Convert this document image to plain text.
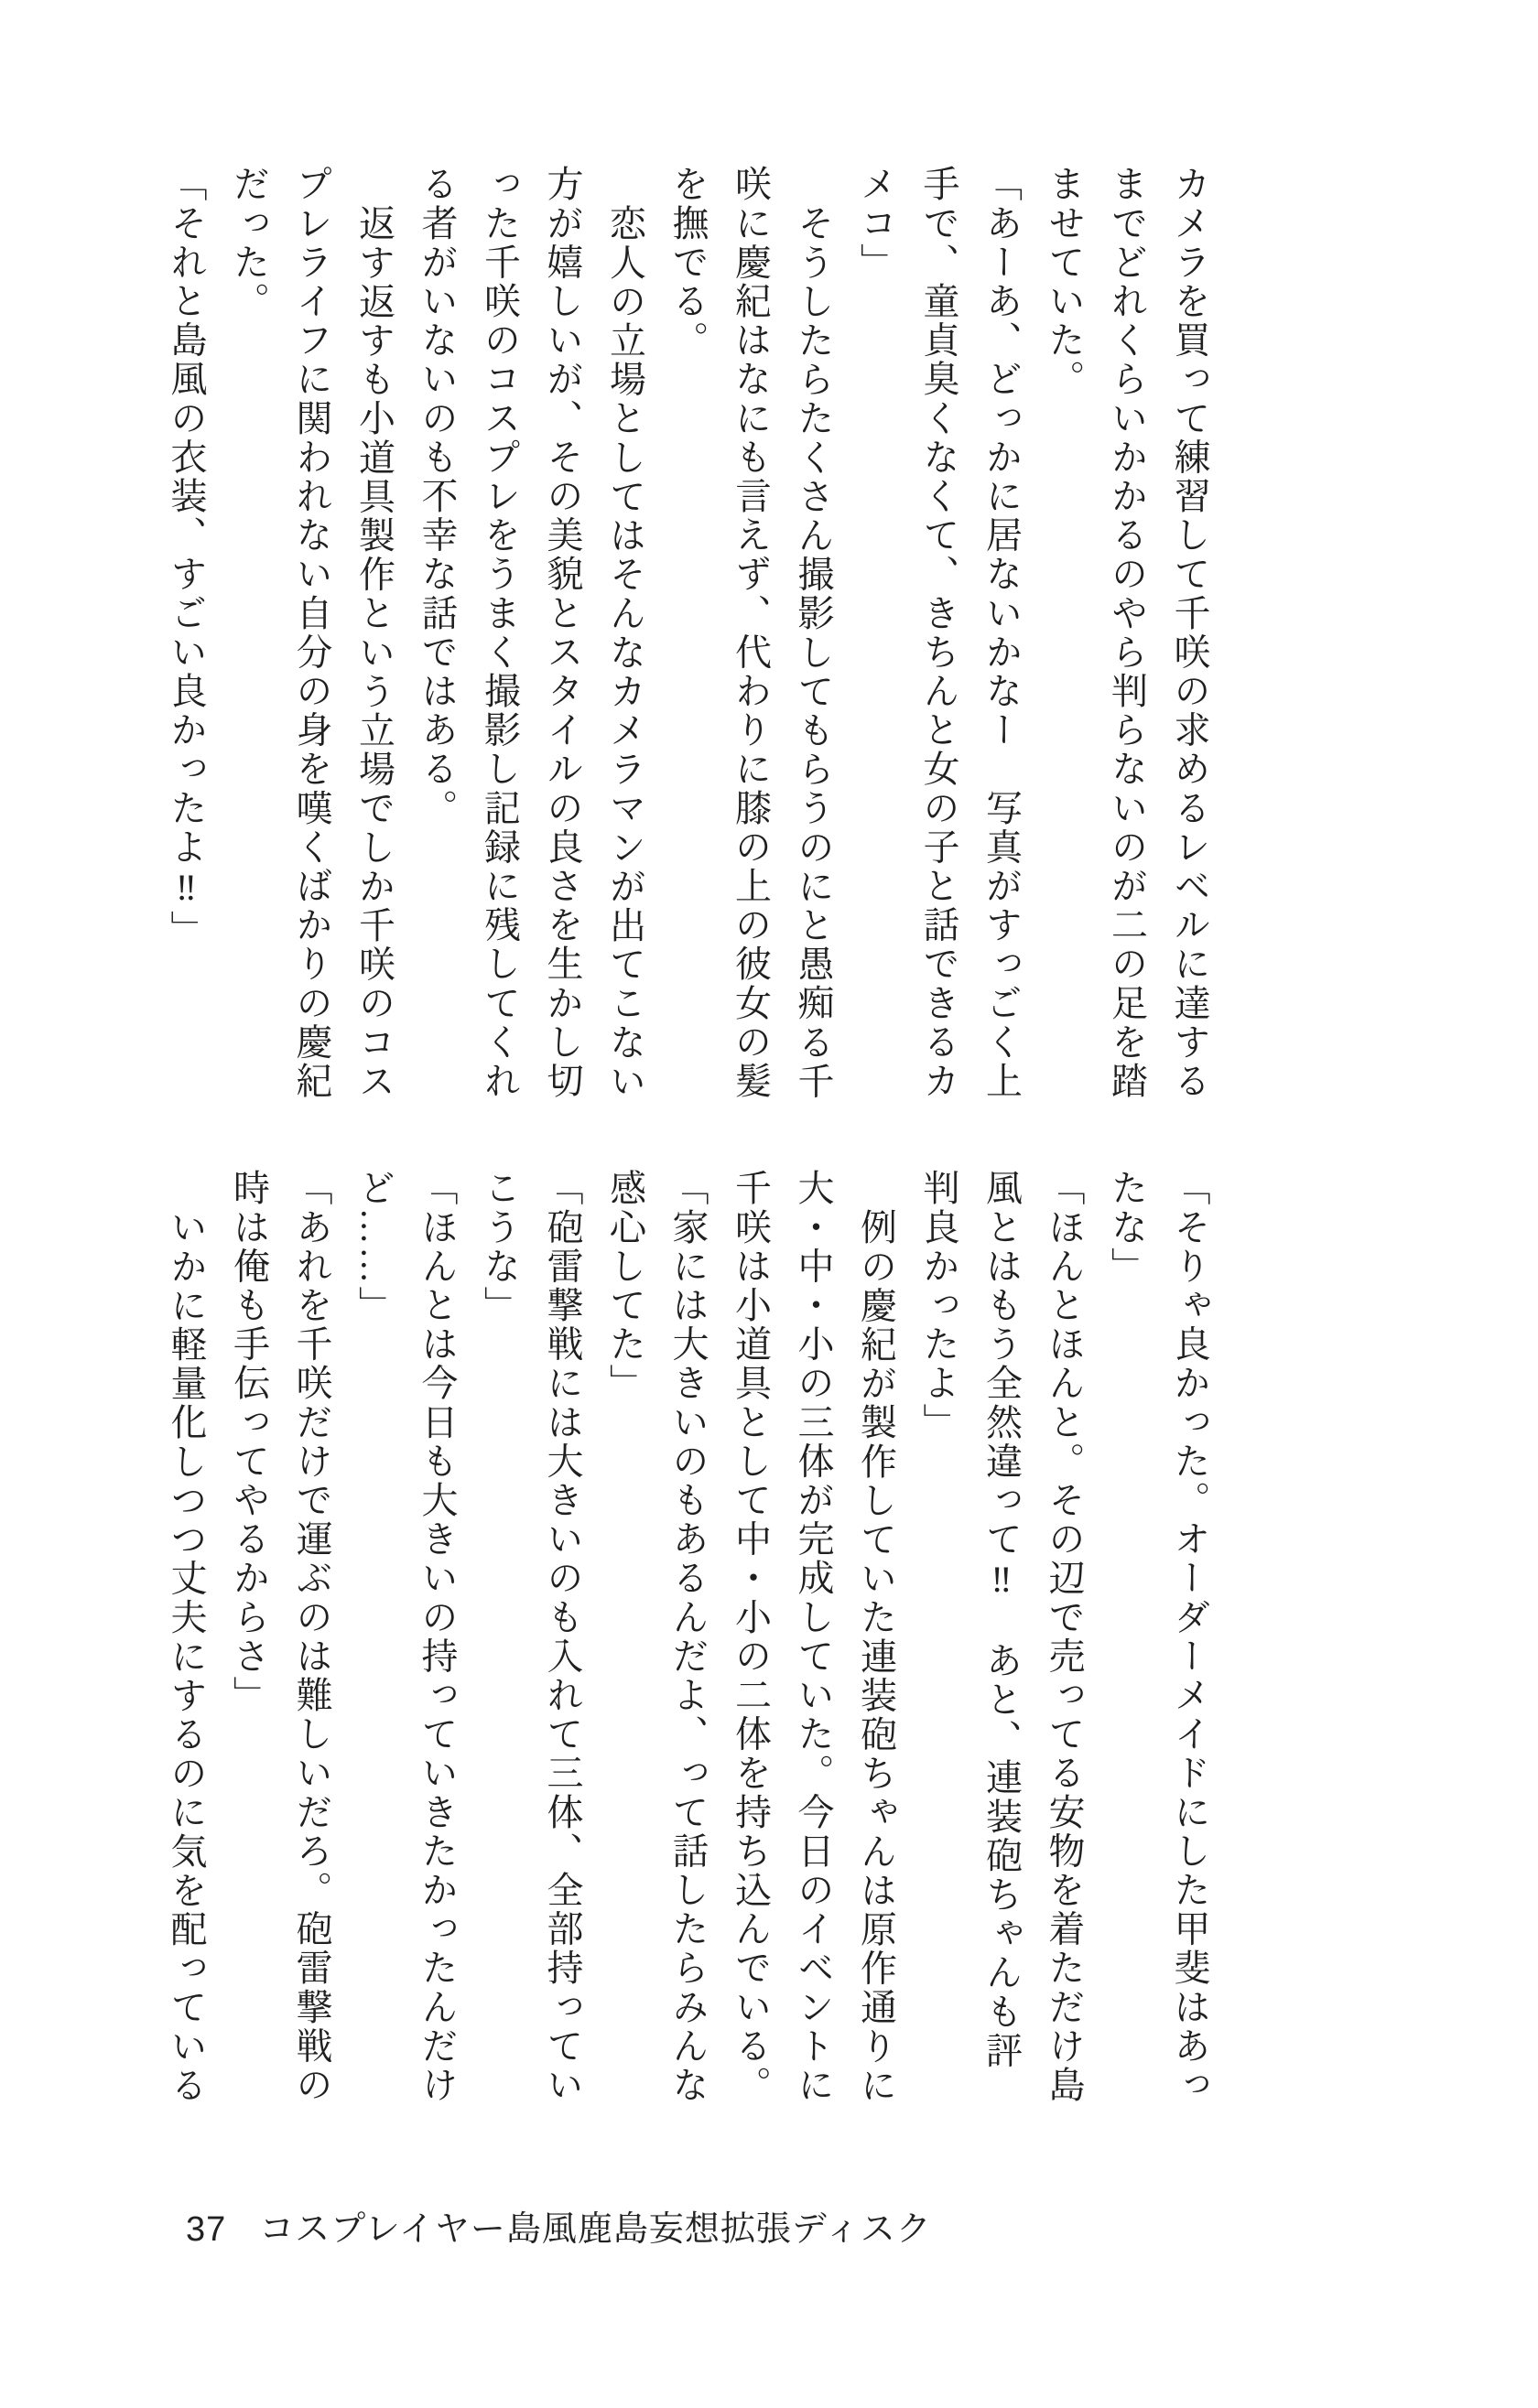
カメラを買って練習して千咲の求めるレベルに達するまでどれくらいかかるのやら判らないのが二の足を踏ませていた。

「あーあ、どっかに居ないかなー　写真がすっごく上手で、童貞臭くなくて、きちんと女の子と話できるカメコ」

そうしたらたくさん撮影してもらうのにと愚痴る千咲に慶紀はなにも言えず、代わりに膝の上の彼女の髪を撫でる。

恋人の立場としてはそんなカメラマンが出てこない方が嬉しいが、その美貌とスタイルの良さを生かし切った千咲のコスプレをうまく撮影し記録に残してくれる者がいないのも不幸な話ではある。

返す返すも小道具製作という立場でしか千咲のコスプレライフに関われない自分の身を嘆くばかりの慶紀だった。

「それと島風の衣装、すごい良かったよ‼」

「そりゃ良かった。オーダーメイドにした甲斐はあったな」

「ほんとほんと。その辺で売ってる安物を着ただけ島風とはもう全然違って‼　あと、連装砲ちゃんも評判良かったよ」

例の慶紀が製作していた連装砲ちゃんは原作通りに大・中・小の三体が完成していた。今日のイベントに千咲は小道具として中・小の二体を持ち込んでいる。

「家には大きいのもあるんだよ、って話したらみんな感心してた」

「砲雷撃戦には大きいのも入れて三体、全部持っていこうな」

「ほんとは今日も大きいの持っていきたかったんだけど……」

「あれを千咲だけで運ぶのは難しいだろ。砲雷撃戦の時は俺も手伝ってやるからさ」

いかに軽量化しつつ丈夫にするのに気を配っている

37 コスプレイヤー島風鹿島妄想拡張ディスク
